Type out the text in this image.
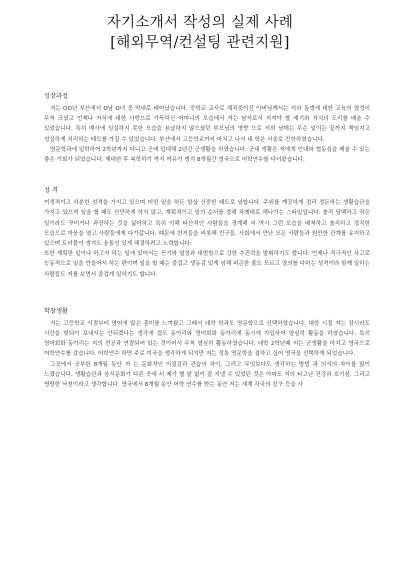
자기소개서 작성의 실제 사례
[해외무역/컨설팅 관련지원]
성장과정

저는 OO년 부산에서 O남 O녀 중 막내로 태어났습니다. 중학교 교사로 재직중이신 아버님께서는 저와 동생에 대한 교육의 열정이 무척 크셨고 언제나 자식에 대한 사랑으로 가득하신 어머니의 모습에서 저는 남자로서 지켜야 할 예기와 자식의 도리를 배울 수 있었습니다. 특히 매사에 성실하지 못한 모습을 용납하지 않으셨던 부모님의 영향 으로 저희 남매는 무슨 일이든 끝까지 책임지고 성실하게 처리하는 태도를 가질 수 있었습니다. 부산에서 고등학교까지 마치고 나서 대 학은 서울로 진학하였습니다.

영문학과에 입학하여 2학년까지 다니고 군에 입대해 2년간 군생활을 하였습니다. 군대 생활은 저에게 인내와 협동심을 배울 수 있는 좋은 기회가 되었습니다. 제대한 후 복학하기 까지 여유가 생겨 8개월간 영국으로 어학연수를 다녀왔습니다.

성 격

여생적이고 차분한 성격을 가지고 있으며 어떤 일을 하든 항상 신중한 태도로 임합니다. 주위를 깨끗하게 정리 정돈하는 생활습관을 가지고 있으며 일을 할 때도 산만하게 하지 않고, 계획적이고 일의 순서를 정해 차례대로 해나가는 스타일입니다. 솔직 담백하고 작은 일이라도 꾸미거나 과장하는 것을 싫어하고 특히 이해 타산적인 사람들을 경계해 저 역시 그런 모습을 배척하고 솔직하고 정직한 모습으로 마음을 열고 사람들에게 다가갑니다. 때문에 친지들을 비롯해 친구들, 사회에서 만난 모든 사람들과 원만한 관계를 유지하고 있으며 트러블이 생겨도 융통성 있게 해결하려고 노력합니다.

또한 계획한 일이나 하고자 하는 일에 있어서는 끈기와 열정과 대범함으로 강한 추진력을 발휘하기도 합니다. 언제나 적극적인 사고로 능동적으로 일을 만들어서 하는 편이며 일을 할 때는 즐겁고 생동감 있게 임해 피곤한 줄도 모르고 열의를 다하는 성격이라 함께 일하는 사람들도 저를 보면서 즐겁게 일하기도 합니다.

학창생활

저는 고등학교 시절부터 영어에 많은 흥미를 느껴왔고 그래서 대학 학과도 영문학으로 선택하였습니다. 대학 시절 저는 잠시라도 시간을 헛되이 보내서는 안되겠다는 생각에 걸도 동아리와 영어회화 동아리에 동시에 가입하여 열심히 활동을 하였습니다. 특히 영어회화 동아리는 저의 전공과 연결되어 있는 것이어서 무척 열심히 활동하였습니다. 대학 2학년때 저는 군생활을 마치고 영국으로 어학연수를 갔습니다. 어학연수 하면 주로 미국을 생각하게 되지만 저는 정통 영문학을 접하고 싶어 영국을 선택하게 되었습니다.

그곳에서 공부한 8개월 동안 저 는 문화적인 이질감과 관습의 차이, 그리고 무엇보다도 생각하는 방법 과 의식의 차이를 많이 느꼈습니다. 생활습관과 음식문화가 다른 곳에 서 제가 별 탈 없이 잘 지낼 수 있었던 것은 아마도 저의 타고난 건강과 호기심, 그리고 명랑한 낙천이라고 생각합니다. 영국에서 8개월 동안 어학 연수를 받는 동안 저는 세계 각국의 친구 등을 사
